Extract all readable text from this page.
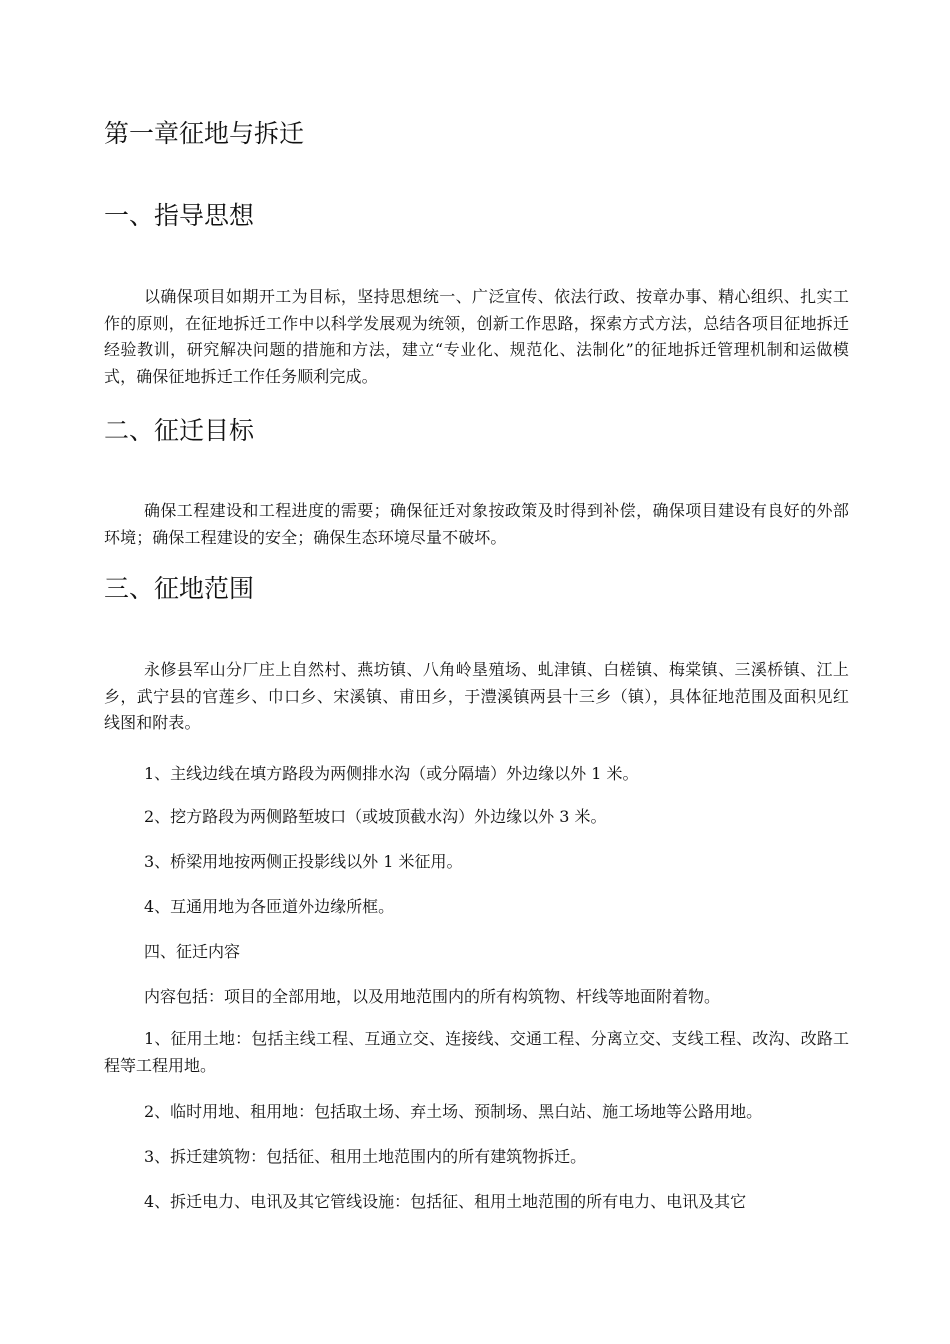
第一章征地与拆迁
一、指导思想
以确保项目如期开工为目标，坚持思想统一、广泛宣传、依法行政、按章办事、精心组织、扎实工作的原则，在征地拆迁工作中以科学发展观为统领，创新工作思路，探索方式方法，总结各项目征地拆迁经验教训，研究解决问题的措施和方法，建立“专业化、规范化、法制化”的征地拆迁管理机制和运做模式，确保征地拆迁工作任务顺利完成。
二、征迁目标
确保工程建设和工程进度的需要；确保征迁对象按政策及时得到补偿，确保项目建设有良好的外部环境；确保工程建设的安全；确保生态环境尽量不破坏。
三、征地范围
永修县军山分厂庄上自然村、燕坊镇、八角岭垦殖场、虬津镇、白槎镇、梅棠镇、三溪桥镇、江上乡，武宁县的官莲乡、巾口乡、宋溪镇、甫田乡，于澧溪镇两县十三乡（镇），具体征地范围及面积见红线图和附表。
1、主线边线在填方路段为两侧排水沟（或分隔墙）外边缘以外 1 米。
2、挖方路段为两侧路堑坡口（或坡顶截水沟）外边缘以外 3 米。
3、桥梁用地按两侧正投影线以外 1 米征用。
4、互通用地为各匝道外边缘所框。
四、征迁内容
内容包括：项目的全部用地，以及用地范围内的所有构筑物、杆线等地面附着物。
1、征用土地：包括主线工程、互通立交、连接线、交通工程、分离立交、支线工程、改沟、改路工程等工程用地。
2、临时用地、租用地：包括取土场、弃土场、预制场、黑白站、施工场地等公路用地。
3、拆迁建筑物：包括征、租用土地范围内的所有建筑物拆迁。
4、拆迁电力、电讯及其它管线设施：包括征、租用土地范围的所有电力、电讯及其它
